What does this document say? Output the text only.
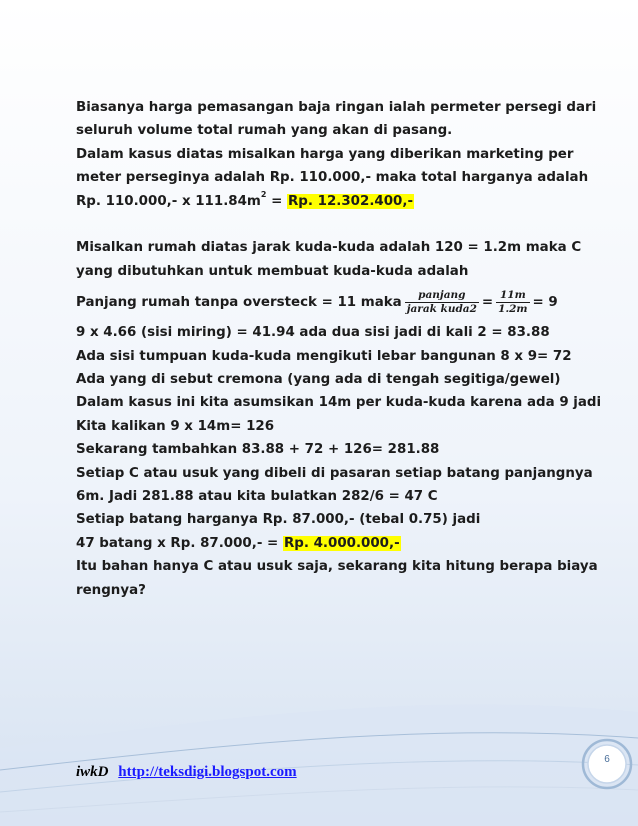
Biasanya harga pemasangan baja ringan ialah permeter persegi dari
seluruh volume total rumah yang akan di pasang.
Dalam kasus diatas misalkan harga yang diberikan marketing per
meter perseginya adalah Rp. 110.000,- maka total harganya adalah
Rp. 110.000,- x $111.84m^2 = Rp$. 12.302.400,-
Misalkan rumah diatas jarak kuda-kuda adalah 120 = 1.2m maka C
yang dibutuhkan untuk membuat kuda-kuda adalah
Panjang rumah tanpa oversteck = 11 maka $\frac{\text{panjang}}{\text{jarak kuda2}} = \frac{11m}{1.2m} = 9$
9 x 4.66 (sisi miring) = 41.94 ada dua sisi jadi di kali 2 = 83.88
Ada sisi tumpuan kuda-kuda mengikuti lebar bangunan 8 x 9= 72
Ada yang di sebut cremona (yang ada di tengah segitiga/gewel)
Dalam kasus ini kita asumsikan 14m per kuda-kuda karena ada 9 jadi
Kita kalikan 9 x 14m= 126
Sekarang tambahkan 83.88 + 72 + 126= 281.88
Setiap C atau usuk yang dibeli di pasaran setiap batang panjangnya
6m. Jadi 281.88 atau kita bulatkan 282/6 = 47 C
Setiap batang harganya Rp. 87.000,- (tebal 0.75) jadi
47 batang x Rp. 87.000,- = Rp. 4.000.000,-
Itu bahan hanya C atau usuk saja, sekarang kita hitung berapa biaya
rengnya?
iwkD http://teksdigi.blogspot.com
6
